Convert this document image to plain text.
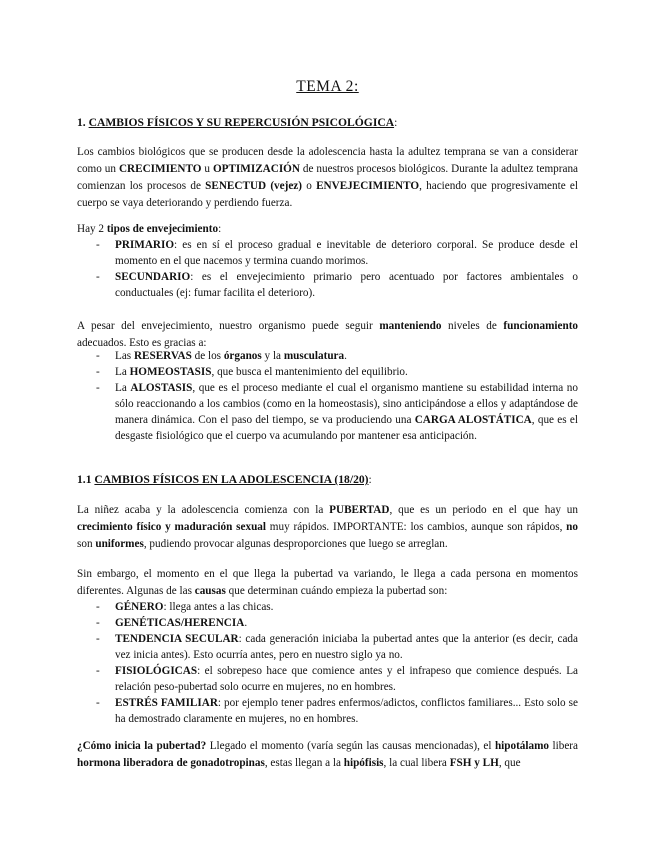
TEMA 2:
1. CAMBIOS FÍSICOS Y SU REPERCUSIÓN PSICOLÓGICA:
Los cambios biológicos que se producen desde la adolescencia hasta la adultez temprana se van a considerar como un CRECIMIENTO u OPTIMIZACIÓN de nuestros procesos biológicos. Durante la adultez temprana comienzan los procesos de SENECTUD (vejez) o ENVEJECIMIENTO, haciendo que progresivamente el cuerpo se vaya deteriorando y perdiendo fuerza.
Hay 2 tipos de envejecimiento:
- PRIMARIO: es en sí el proceso gradual e inevitable de deterioro corporal. Se produce desde el momento en el que nacemos y termina cuando morimos.
- SECUNDARIO: es el envejecimiento primario pero acentuado por factores ambientales o conductuales (ej: fumar facilita el deterioro).
A pesar del envejecimiento, nuestro organismo puede seguir manteniendo niveles de funcionamiento adecuados. Esto es gracias a:
- Las RESERVAS de los órganos y la musculatura.
- La HOMEOSTASIS, que busca el mantenimiento del equilibrio.
- La ALOSTASIS, que es el proceso mediante el cual el organismo mantiene su estabilidad interna no sólo reaccionando a los cambios (como en la homeostasis), sino anticipándose a ellos y adaptándose de manera dinámica. Con el paso del tiempo, se va produciendo una CARGA ALOSTÁTICA, que es el desgaste fisiológico que el cuerpo va acumulando por mantener esa anticipación.
1.1 CAMBIOS FÍSICOS EN LA ADOLESCENCIA (18/20):
La niñez acaba y la adolescencia comienza con la PUBERTAD, que es un periodo en el que hay un crecimiento físico y maduración sexual muy rápidos. IMPORTANTE: los cambios, aunque son rápidos, no son uniformes, pudiendo provocar algunas desproporciones que luego se arreglan.
Sin embargo, el momento en el que llega la pubertad va variando, le llega a cada persona en momentos diferentes. Algunas de las causas que determinan cuándo empieza la pubertad son:
- GÉNERO: llega antes a las chicas.
- GENÉTICAS/HERENCIA.
- TENDENCIA SECULAR: cada generación iniciaba la pubertad antes que la anterior (es decir, cada vez inicia antes). Esto ocurría antes, pero en nuestro siglo ya no.
- FISIOLÓGICAS: el sobrepeso hace que comience antes y el infrapeso que comience después. La relación peso-pubertad solo ocurre en mujeres, no en hombres.
- ESTRÉS FAMILIAR: por ejemplo tener padres enfermos/adictos, conflictos familiares... Esto solo se ha demostrado claramente en mujeres, no en hombres.
¿Cómo inicia la pubertad? Llegado el momento (varía según las causas mencionadas), el hipotálamo libera hormona liberadora de gonadotropinas, estas llegan a la hipófisis, la cual libera FSH y LH, que
